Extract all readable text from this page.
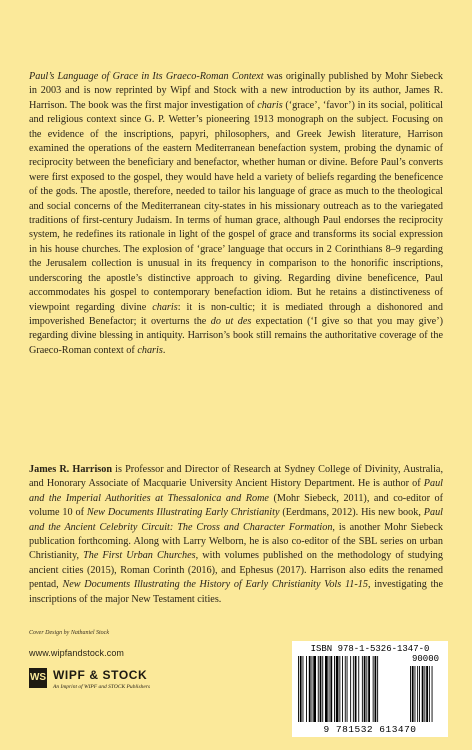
Paul’s Language of Grace in Its Graeco-Roman Context was originally published by Mohr Siebeck in 2003 and is now reprinted by Wipf and Stock with a new introduction by its author, James R. Harrison. The book was the first major investigation of charis (‘grace’, ‘favor’) in its social, political and religious context since G. P. Wetter’s pioneering 1913 monograph on the subject. Focusing on the evidence of the inscriptions, papyri, philosophers, and Greek Jewish literature, Harrison examined the operations of the eastern Mediterranean benefaction system, probing the dynamic of reciprocity between the beneficiary and benefactor, whether human or divine. Before Paul’s converts were first exposed to the gospel, they would have held a variety of beliefs regarding the beneficence of the gods. The apostle, therefore, needed to tailor his language of grace as much to the theological and social concerns of the Mediterranean city-states in his missionary outreach as to the variegated traditions of first-century Judaism. In terms of human grace, although Paul endorses the reciprocity system, he redefines its rationale in light of the gospel of grace and transforms its social expression in his house churches. The explosion of ‘grace’ language that occurs in 2 Corinthians 8–9 regarding the Jerusalem collection is unusual in its frequency in comparison to the honorific inscriptions, underscoring the apostle’s distinctive approach to giving. Regarding divine beneficence, Paul accommodates his gospel to contemporary benefaction idiom. But he retains a distinctiveness of viewpoint regarding divine charis: it is non-cultic; it is mediated through a dishonored and impoverished Benefactor; it overturns the do ut des expectation (‘I give so that you may give’) regarding divine blessing in antiquity. Harrison’s book still remains the authoritative coverage of the Graeco-Roman context of charis.

James R. Harrison is Professor and Director of Research at Sydney College of Divinity, Australia, and Honorary Associate of Macquarie University Ancient History Department. He is author of Paul and the Imperial Authorities at Thessalonica and Rome (Mohr Siebeck, 2011), and co-editor of volume 10 of New Documents Illustrating Early Christianity (Eerdmans, 2012). His new book, Paul and the Ancient Celebrity Circuit: The Cross and Character Formation, is another Mohr Siebeck publication forthcoming. Along with Larry Welborn, he is also co-editor of the SBL series on urban Christianity, The First Urban Churches, with volumes published on the methodology of studying ancient cities (2015), Roman Corinth (2016), and Ephesus (2017). Harrison also edits the renamed pentad, New Documents Illustrating the History of Early Christianity Vols 11-15, investigating the inscriptions of the major New Testament cities.

Cover Design by Nathaniel Stock
www.wipfandstock.com
WS WIPF & STOCK
An Imprint of WIPF and STOCK Publishers
ISBN 978-1-5326-1347-0
9 781532 613470
90000
